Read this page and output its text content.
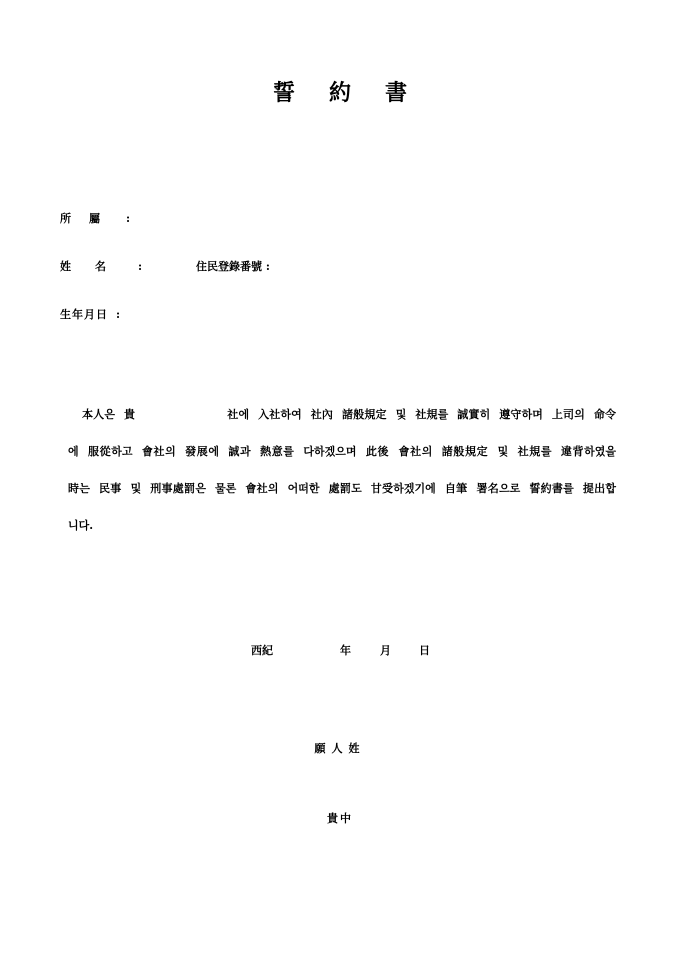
誓約書
所屬 :
姓名 :	住民登錄番號 :
生年月日 :
本人은 貴	社에 入社하여 社內 諸般規定 및 社規를 誠實히 遵守하며 上司의 命令에 服從하고 會社의 發展에 誠과 熱意를 다하겠으며 此後 會社의 諸般規定 및 社規를 違背하였을 時는 民事 및 刑事處罰은 물론 會社의 어떠한 處罰도 甘受하겠기에 自筆 署名으로 誓約書를 提出합니다.
西紀	年	月	日
願人姓
貴中
